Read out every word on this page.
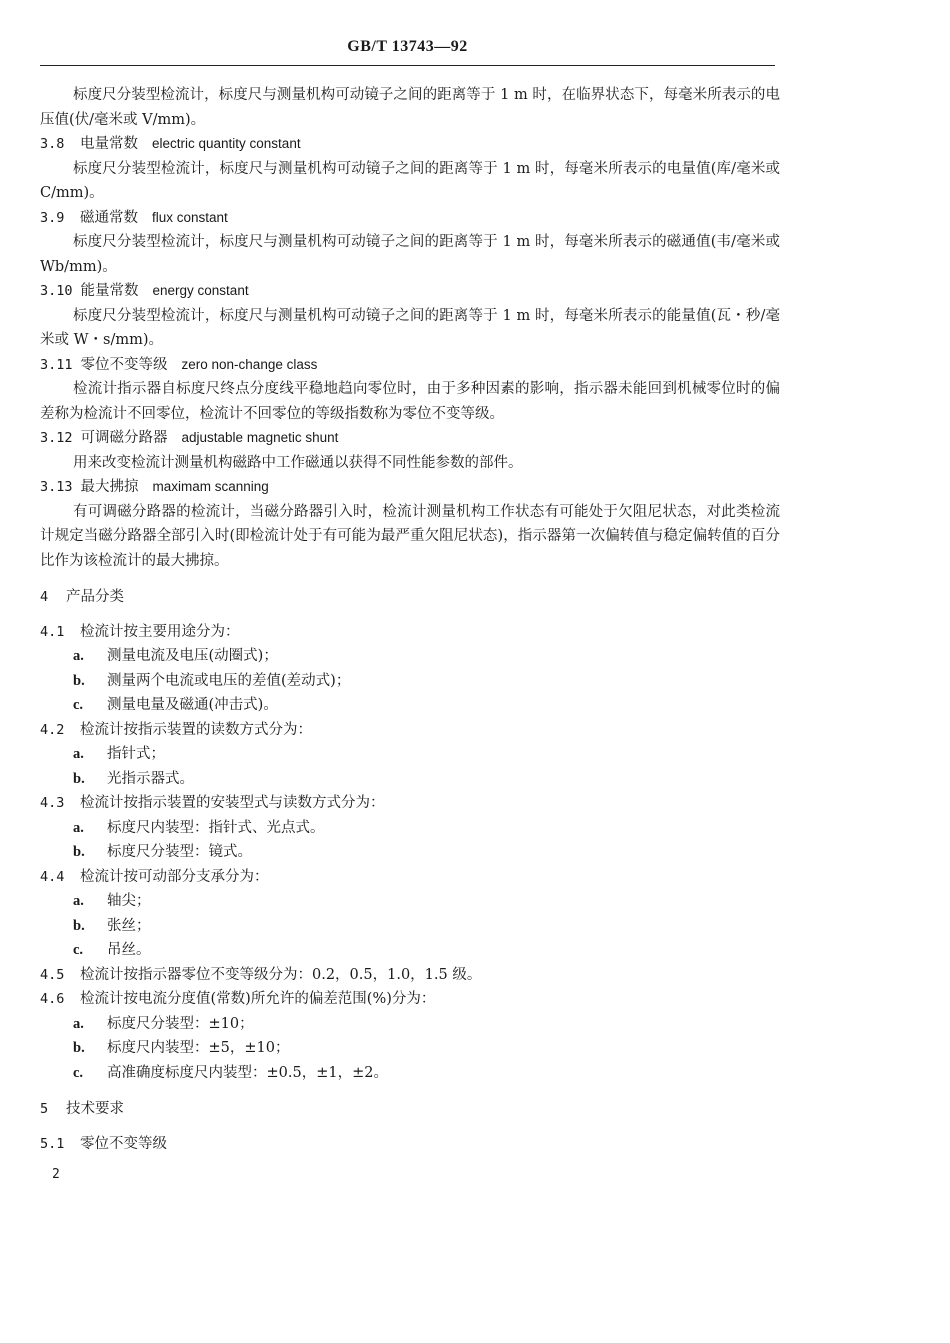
GB/T 13743—92

标度尺分装型检流计，标度尺与测量机构可动镜子之间的距离等于 1 m 时，在临界状态下，每毫米所表示的电压值(伏/毫米或 V/mm)。

3.8 电量常数 electric quantity constant

标度尺分装型检流计，标度尺与测量机构可动镜子之间的距离等于 1 m 时，每毫米所表示的电量值(库/毫米或 C/mm)。

3.9 磁通常数 flux constant

标度尺分装型检流计，标度尺与测量机构可动镜子之间的距离等于 1 m 时，每毫米所表示的磁通值(韦/毫米或 Wb/mm)。

3.10 能量常数 energy constant

标度尺分装型检流计，标度尺与测量机构可动镜子之间的距离等于 1 m 时，每毫米所表示的能量值(瓦・秒/毫米或 W・s/mm)。

3.11 零位不变等级 zero non-change class

检流计指示器自标度尺终点分度线平稳地趋向零位时，由于多种因素的影响，指示器未能回到机械零位时的偏差称为检流计不回零位，检流计不回零位的等级指数称为零位不变等级。

3.12 可调磁分路器 adjustable magnetic shunt

用来改变检流计测量机构磁路中工作磁通以获得不同性能参数的部件。

3.13 最大拂掠 maximam scanning

有可调磁分路器的检流计，当磁分路器引入时，检流计测量机构工作状态有可能处于欠阻尼状态，对此类检流计规定当磁分路器全部引入时(即检流计处于有可能为最严重欠阻尼状态)，指示器第一次偏转值与稳定偏转值的百分比作为该检流计的最大拂掠。

4 产品分类

4.1 检流计按主要用途分为：

a. 测量电流及电压(动圈式)；

b. 测量两个电流或电压的差值(差动式)；

c. 测量电量及磁通(冲击式)。

4.2 检流计按指示装置的读数方式分为：

a. 指针式；

b. 光指示器式。

4.3 检流计按指示装置的安装型式与读数方式分为：

a. 标度尺内装型：指针式、光点式。

b. 标度尺分装型：镜式。

4.4 检流计按可动部分支承分为：

a. 轴尖；

b. 张丝；

c. 吊丝。

4.5 检流计按指示器零位不变等级分为：0.2，0.5，1.0，1.5 级。

4.6 检流计按电流分度值(常数)所允许的偏差范围(%)分为：

a. 标度尺分装型：±10；

b. 标度尺内装型：±5，±10；

c. 高准确度标度尺内装型：±0.5，±1，±2。

5 技术要求

5.1 零位不变等级

2
